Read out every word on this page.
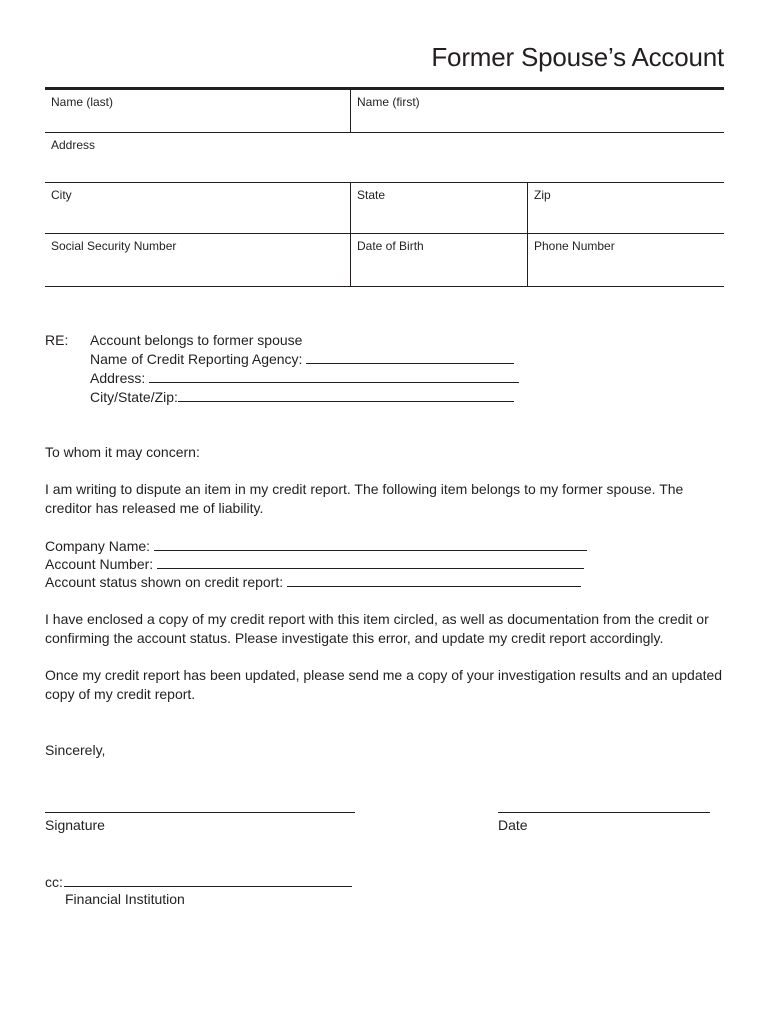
Former Spouse’s Account
Name (last)	Name (first)
Address
City	State	Zip
Social Security Number	Date of Birth	Phone Number
RE: Account belongs to former spouse
Name of Credit Reporting Agency:
Address:
City/State/Zip:
To whom it may concern:
I am writing to dispute an item in my credit report. The following item belongs to my former spouse. The creditor has released me of liability.
Company Name:
Account Number:
Account status shown on credit report:
I have enclosed a copy of my credit report with this item circled, as well as documentation from the credit or confirming the account status. Please investigate this error, and update my credit report accordingly.
Once my credit report has been updated, please send me a copy of your investigation results and an updated copy of my credit report.
Sincerely,
Signature	Date
cc:
Financial Institution
